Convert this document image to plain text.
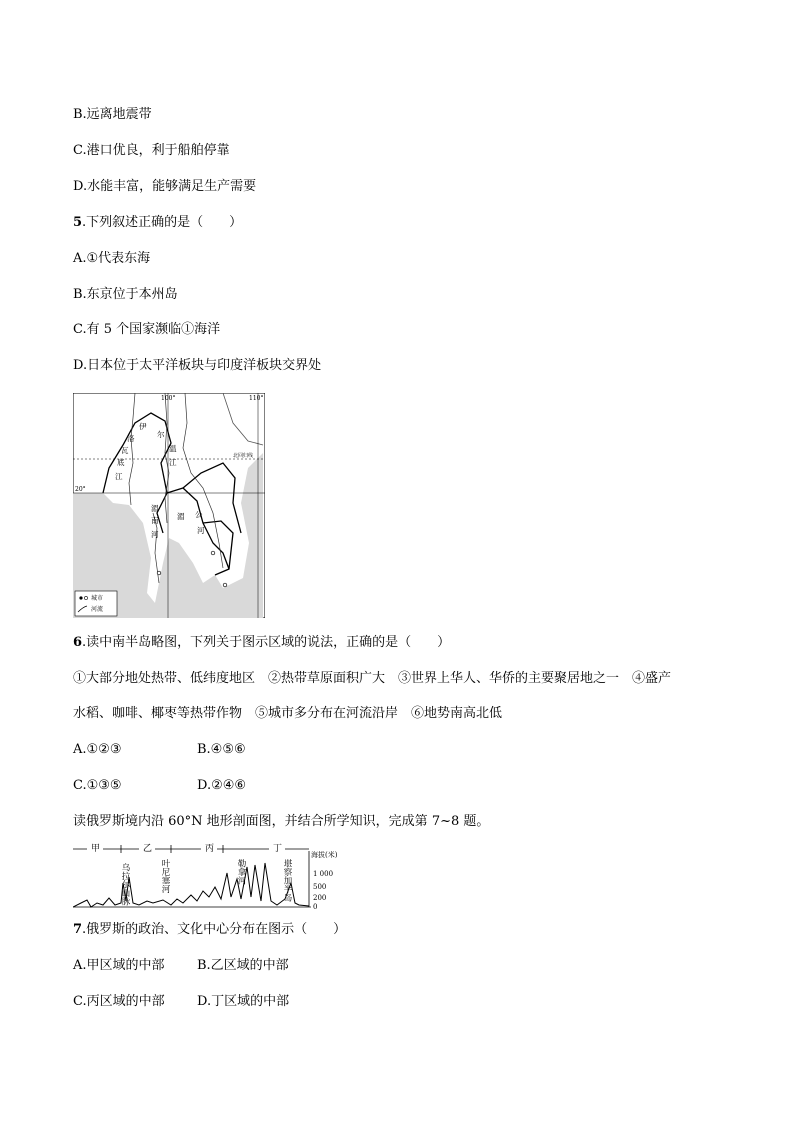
B.远离地震带
C.港口优良，利于船舶停靠
D.水能丰富，能够满足生产需要
5.下列叙述正确的是（　　）
A.①代表东海
B.东京位于本州岛
C.有 5 个国家濒临①海洋
D.日本位于太平洋板块与印度洋板块交界处
100°	110°
20°
北回归线
伊
洛
瓦
底
江
尔
温
江
湄
南
河
湄 公
河
城市
河流
6.读中南半岛略图，下列关于图示区域的说法，正确的是（　　）
①大部分地处热带、低纬度地区　②热带草原面积广大　③世界上华人、华侨的主要聚居地之一　④盛产
水稻、咖啡、椰枣等热带作物　⑤城市多分布在河流沿岸　⑥地势南高北低
A.①②③	B.④⑤⑥
C.①③⑤	D.②④⑥
读俄罗斯境内沿 60°N 地形剖面图，并结合所学知识，完成第 7~8 题。
甲	乙	丙	丁
乌拉尔山脉	叶尼塞河	勒拿河	堪察加半岛
海拔(米)
1 000
500
200
0
7.俄罗斯的政治、文化中心分布在图示（　　）
A.甲区域的中部 B.乙区域的中部
C.丙区域的中部 D.丁区域的中部
